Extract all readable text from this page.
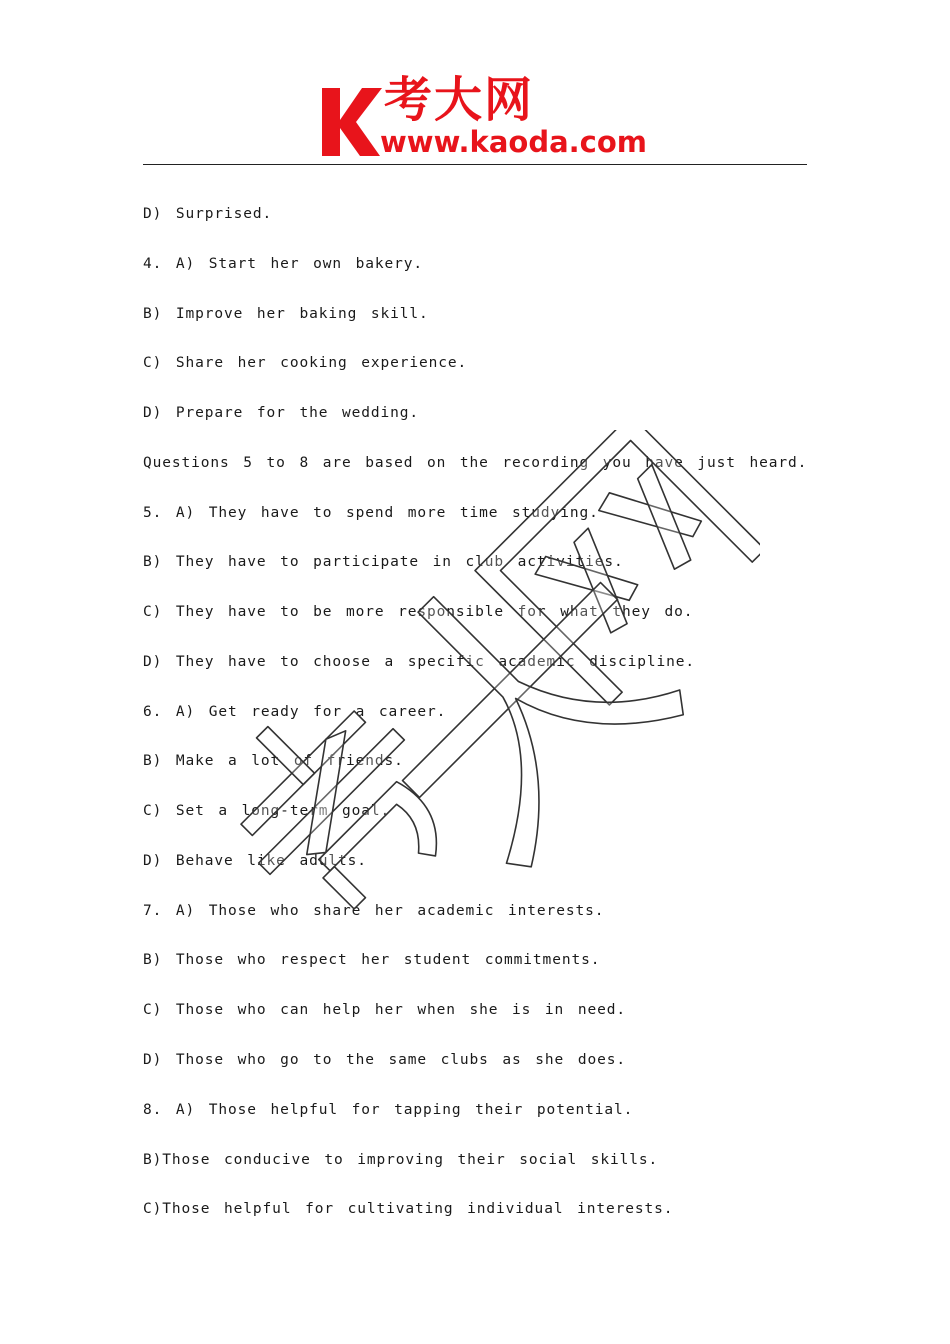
考大网
www.kaoda.com
D) Surprised.
4. A) Start her own bakery.
B) Improve her baking skill.
C) Share her cooking experience.
D) Prepare for the wedding.
Questions 5 to 8 are based on the recording you have just heard.
5. A) They have to spend more time studying.
B) They have to participate in club activities.
C) They have to be more responsible for what they do.
D) They have to choose a specific academic discipline.
6. A) Get ready for a career.
B) Make a lot of friends.
C) Set a long-term goal.
D) Behave like adults.
7. A) Those who share her academic interests.
B) Those who respect her student commitments.
C) Those who can help her when she is in need.
D) Those who go to the same clubs as she does.
8. A) Those helpful for tapping their potential.
B)Those conducive to improving their social skills.
C)Those helpful for cultivating individual interests.
